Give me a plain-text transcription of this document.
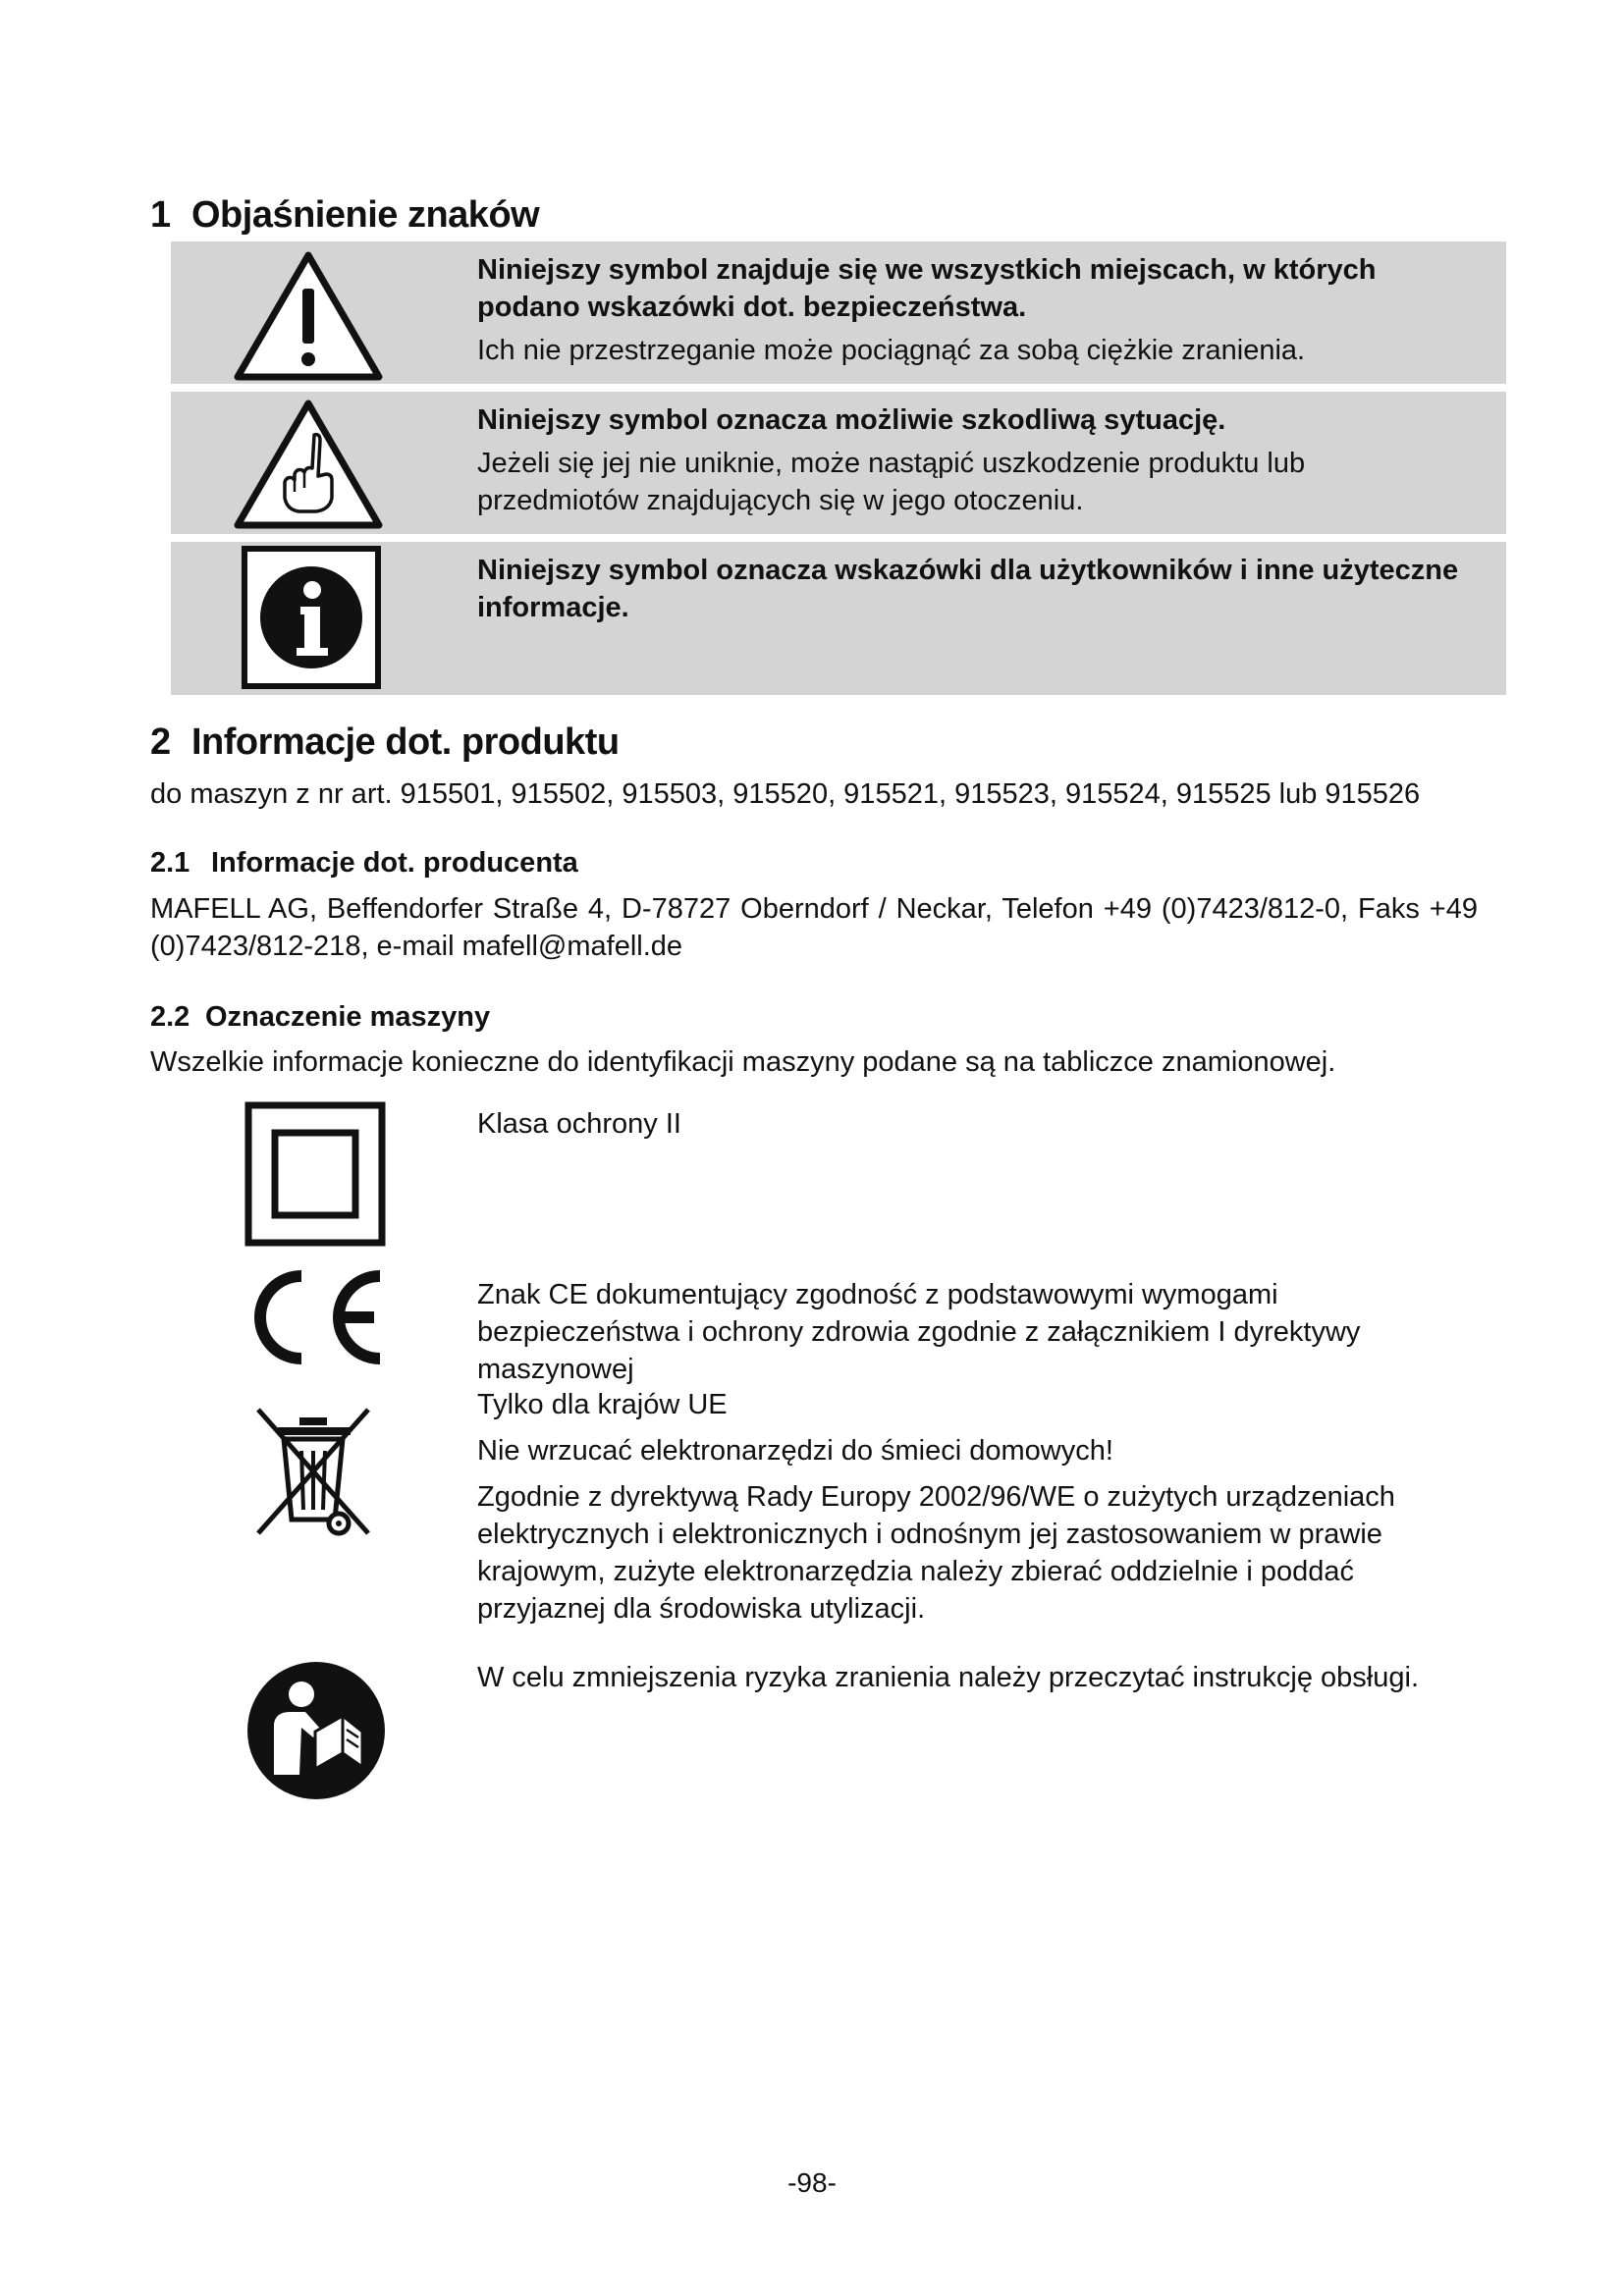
1 Objaśnienie znaków
Niniejszy symbol znajduje się we wszystkich miejscach, w których podano wskazówki dot. bezpieczeństwa.
Ich nie przestrzeganie może pociągnąć za sobą ciężkie zranienia.
Niniejszy symbol oznacza możliwie szkodliwą sytuację.
Jeżeli się jej nie uniknie, może nastąpić uszkodzenie produktu lub przedmiotów znajdujących się w jego otoczeniu.
Niniejszy symbol oznacza wskazówki dla użytkowników i inne użyteczne informacje.
2 Informacje dot. produktu
do maszyn z nr art. 915501, 915502, 915503, 915520, 915521, 915523, 915524, 915525 lub 915526
2.1 Informacje dot. producenta
MAFELL AG, Beffendorfer Straße 4, D-78727 Oberndorf / Neckar, Telefon +49 (0)7423/812-0, Faks +49 (0)7423/812-218, e-mail mafell@mafell.de
2.2 Oznaczenie maszyny
Wszelkie informacje konieczne do identyfikacji maszyny podane są na tabliczce znamionowej.

Klasa ochrony II

Znak CE dokumentujący zgodność z podstawowymi wymogami bezpieczeństwa i ochrony zdrowia zgodnie z załącznikiem I dyrektywy maszynowej

Tylko dla krajów UE

Nie wrzucać elektronarzędzi do śmieci domowych!

Zgodnie z dyrektywą Rady Europy 2002/96/WE o zużytych urządzeniach elektrycznych i elektronicznych i odnośnym jej zastosowaniem w prawie krajowym, zużyte elektronarzędzia należy zbierać oddzielnie i poddać przyjaznej dla środowiska utylizacji.

W celu zmniejszenia ryzyka zranienia należy przeczytać instrukcję obsługi.

-98-
